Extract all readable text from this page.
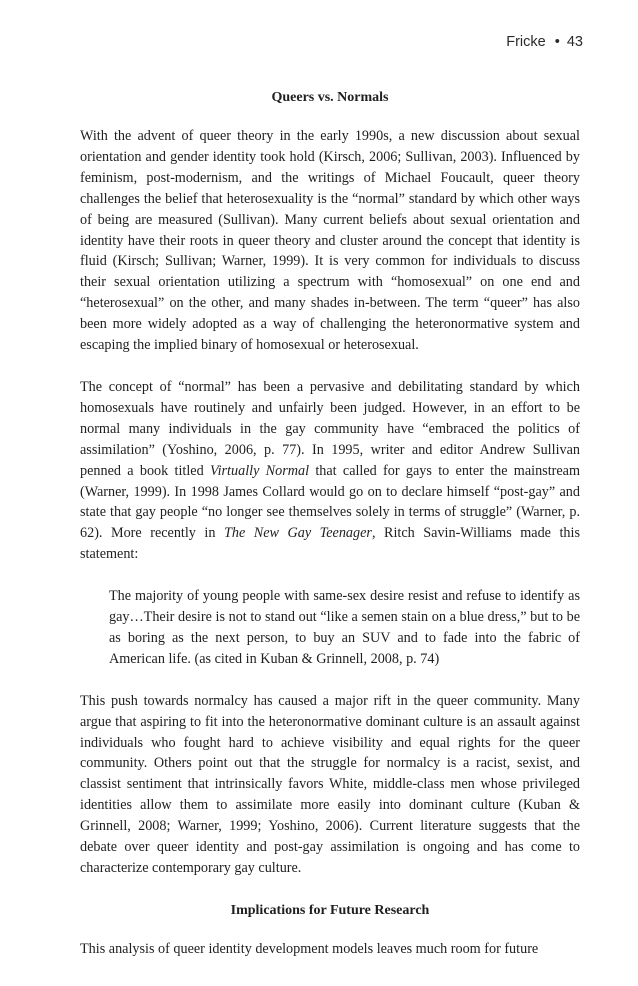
Fricke • 43
Queers vs. Normals

With the advent of queer theory in the early 1990s, a new discussion about sexual orientation and gender identity took hold (Kirsch, 2006; Sullivan, 2003). Influenced by feminism, post-modernism, and the writings of Michael Foucault, queer theory challenges the belief that heterosexuality is the “normal” standard by which other ways of being are measured (Sullivan). Many current beliefs about sexual orientation and identity have their roots in queer theory and cluster around the concept that identity is fluid (Kirsch; Sullivan; Warner, 1999). It is very common for individuals to discuss their sexual orientation utilizing a spectrum with “homosexual” on one end and “heterosexual” on the other, and many shades in-between. The term “queer” has also been more widely adopted as a way of challenging the heteronormative system and escaping the implied binary of homosexual or heterosexual.

The concept of “normal” has been a pervasive and debilitating standard by which homosexuals have routinely and unfairly been judged. However, in an effort to be normal many individuals in the gay community have “embraced the politics of assimilation” (Yoshino, 2006, p. 77). In 1995, writer and editor Andrew Sullivan penned a book titled Virtually Normal that called for gays to enter the mainstream (Warner, 1999). In 1998 James Collard would go on to declare himself “post-gay” and state that gay people “no longer see themselves solely in terms of struggle” (Warner, p. 62). More recently in The New Gay Teenager, Ritch Savin-Williams made this statement:

The majority of young people with same-sex desire resist and refuse to identify as gay…Their desire is not to stand out “like a semen stain on a blue dress,” but to be as boring as the next person, to buy an SUV and to fade into the fabric of American life. (as cited in Kuban & Grinnell, 2008, p. 74)

This push towards normalcy has caused a major rift in the queer community. Many argue that aspiring to fit into the heteronormative dominant culture is an assault against individuals who fought hard to achieve visibility and equal rights for the queer community. Others point out that the struggle for normalcy is a racist, sexist, and classist sentiment that intrinsically favors White, middle-class men whose privileged identities allow them to assimilate more easily into dominant culture (Kuban & Grinnell, 2008; Warner, 1999; Yoshino, 2006). Current literature suggests that the debate over queer identity and post-gay assimilation is ongoing and has come to characterize contemporary gay culture.

Implications for Future Research

This analysis of queer identity development models leaves much room for future
